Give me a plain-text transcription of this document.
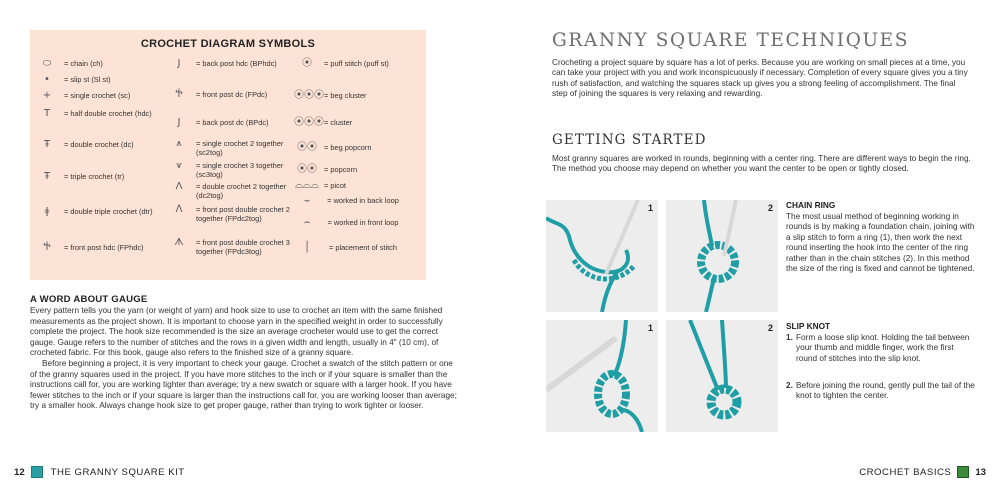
CROCHET DIAGRAM SYMBOLS
⬭	= chain (ch)
•	= slip st (Sl st)
+	= single crochet (sc)
T	= half double crochet (hdc)
Ŧ	= double crochet (dc)
Ŧ	= triple crochet (tr)
ǂ	= double triple crochet (dtr)
Ⴕ	= front post hdc (FPhdc)
Ј	= back post hdc (BPhdc)
Ⴕ	= front post dc (FPdc)
Ј	= back post dc (BPdc)
⩚	= single crochet 2 together (sc2tog)
⩛	= single crochet 3 together (sc3tog)
Λ	= double crochet 2 together (dc2tog)
ᐱ	= front post double crochet 2 together (FPdc2tog)
ᗑ	= front post double crochet 3 together (FPdc3tog)
⦿	= puff stitch (puff st)
⦿⦿⦿ = beg cluster
⦿⦿⦿ = cluster
⦿⦿ = beg popcorn
⦿⦿ = popcorn
⌓⌓⌓ = picot
⌣	= worked in back loop
⌢	= worked in front loop
│	= placement of stitch
A WORD ABOUT GAUGE

Every pattern tells you the yarn (or weight of yarn) and hook size to use to crochet an item with the same finished measurements as the project shown. It is important to choose yarn in the specified weight in order to successfully complete the project. The hook size recommended is the size an average crocheter would use to get the correct gauge. Gauge refers to the number of stitches and the rows in a given width and length, usually in 4" (10 cm), of crocheted fabric. For this book, gauge also refers to the finished size of a granny square.

Before beginning a project, it is very important to check your gauge. Crochet a swatch of the stitch pattern or one of the granny squares used in the project. If you have more stitches to the inch or if your square is smaller than the instructions call for, you are working tighter than average; try a new swatch or square with a larger hook. If you have fewer stitches to the inch or if your square is larger than the instructions call for, you are working looser than average; try a smaller hook. Always change hook size to get proper gauge, rather than trying to work tighter or looser.

12	THE GRANNY SQUARE KIT
GRANNY SQUARE TECHNIQUES
Crocheting a project square by square has a lot of perks. Because you are working on small pieces at a time, you can take your project with you and work inconspicuously if necessary. Completion of every square gives you a tiny rush of satisfaction, and watching the squares stack up gives you a strong feeling of accomplishment. The final step of joining the squares is very relaxing and rewarding.
GETTING STARTED
Most granny squares are worked in rounds, beginning with a center ring. There are different ways to begin the ring. The method you choose may depend on whether you want the center to be open or tightly closed.
1	2
1	2
CHAIN RING
The most usual method of beginning working in rounds is by making a foundation chain, joining with a slip stitch to form a ring (1), then work the next round inserting the hook into the center of the ring rather than in the chain stitches (2). In this method the size of the ring is fixed and cannot be tightened.
SLIP KNOT
1. Form a loose slip knot. Holding the tail between your thumb and middle finger, work the first round of stitches into the slip knot.
2. Before joining the round, gently pull the tail of the knot to tighten the center.
CROCHET BASICS	13
